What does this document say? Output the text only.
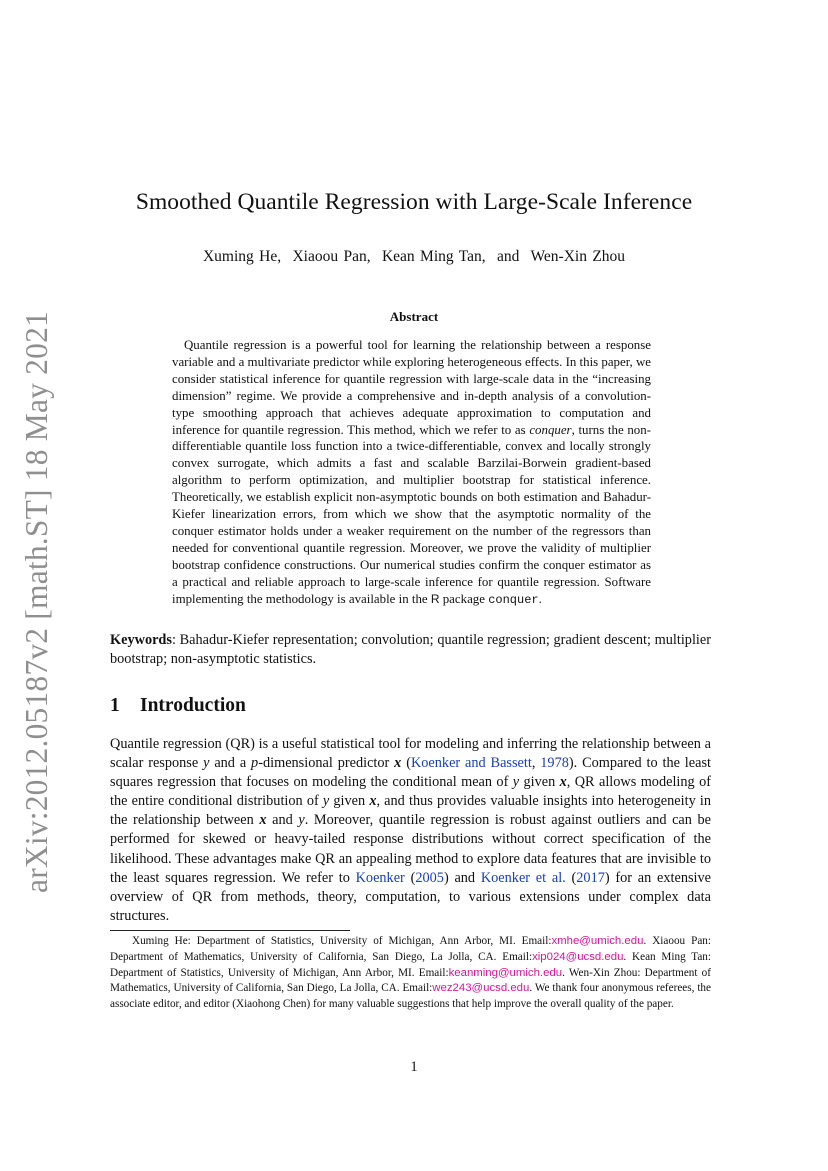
arXiv:2012.05187v2 [math.ST] 18 May 2021
Smoothed Quantile Regression with Large-Scale Inference
Xuming He, Xiaoou Pan, Kean Ming Tan, and Wen-Xin Zhou
Abstract
Quantile regression is a powerful tool for learning the relationship between a response variable and a multivariate predictor while exploring heterogeneous effects. In this paper, we consider statistical inference for quantile regression with large-scale data in the “increasing dimension” regime. We provide a comprehensive and in-depth analysis of a convolution-type smoothing approach that achieves adequate approximation to computation and inference for quantile regression. This method, which we refer to as conquer, turns the non-differentiable quantile loss function into a twice-differentiable, convex and locally strongly convex surrogate, which admits a fast and scalable Barzilai-Borwein gradient-based algorithm to perform optimization, and multiplier bootstrap for statistical inference. Theoretically, we establish explicit non-asymptotic bounds on both estimation and Bahadur-Kiefer linearization errors, from which we show that the asymptotic normality of the conquer estimator holds under a weaker requirement on the number of the regressors than needed for conventional quantile regression. Moreover, we prove the validity of multiplier bootstrap confidence constructions. Our numerical studies confirm the conquer estimator as a practical and reliable approach to large-scale inference for quantile regression. Software implementing the methodology is available in the R package conquer.
Keywords: Bahadur-Kiefer representation; convolution; quantile regression; gradient descent; multiplier bootstrap; non-asymptotic statistics.
1 Introduction
Quantile regression (QR) is a useful statistical tool for modeling and inferring the relationship between a scalar response y and a p-dimensional predictor x (Koenker and Bassett, 1978). Compared to the least squares regression that focuses on modeling the conditional mean of y given x, QR allows modeling of the entire conditional distribution of y given x, and thus provides valuable insights into heterogeneity in the relationship between x and y. Moreover, quantile regression is robust against outliers and can be performed for skewed or heavy-tailed response distributions without correct specification of the likelihood. These advantages make QR an appealing method to explore data features that are invisible to the least squares regression. We refer to Koenker (2005) and Koenker et al. (2017) for an extensive overview of QR from methods, theory, computation, to various extensions under complex data structures.
Xuming He: Department of Statistics, University of Michigan, Ann Arbor, MI. Email:xmhe@umich.edu. Xiaoou Pan: Department of Mathematics, University of California, San Diego, La Jolla, CA. Email:xip024@ucsd.edu. Kean Ming Tan: Department of Statistics, University of Michigan, Ann Arbor, MI. Email:keanming@umich.edu. Wen-Xin Zhou: Department of Mathematics, University of California, San Diego, La Jolla, CA. Email:wez243@ucsd.edu. We thank four anonymous referees, the associate editor, and editor (Xiaohong Chen) for many valuable suggestions that help improve the overall quality of the paper.
1
